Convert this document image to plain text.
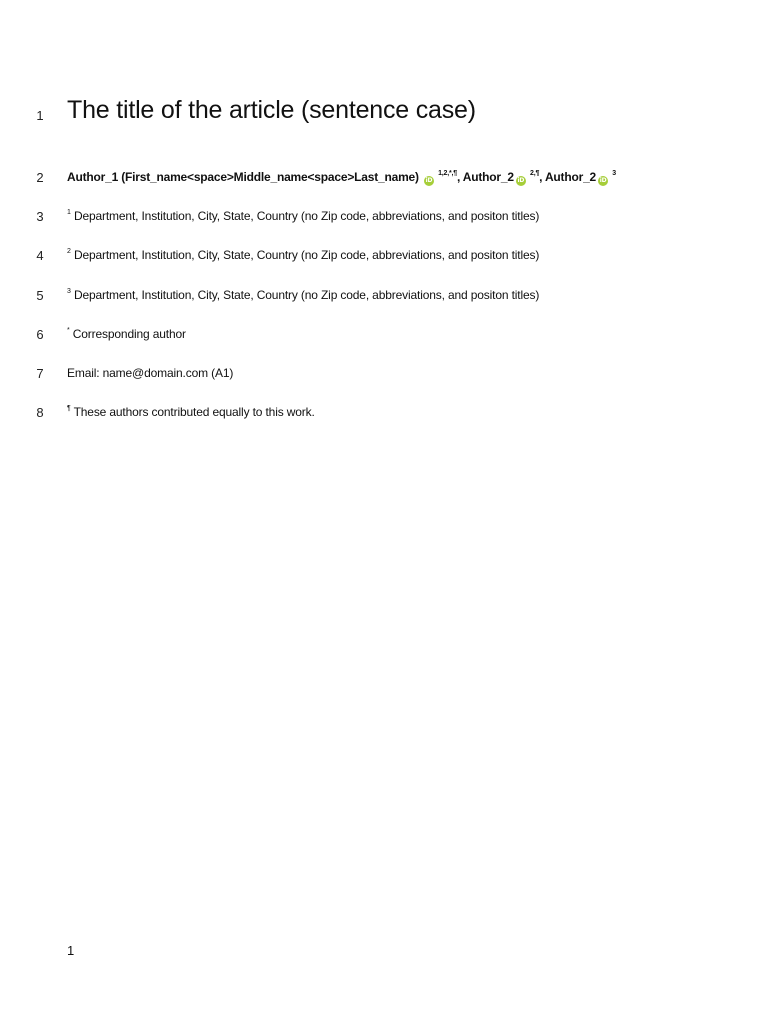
1 The title of the article (sentence case)
2	Author_1 (First_name<space>Middle_name<space>Last_name) iD $^{1,2,*,\P}$, Author_2 iD $^{2,\P}$, Author_2 iD $^3$
3	$^1$ Department, Institution, City, State, Country (no Zip code, abbreviations, and positon titles)
4	$^2$ Department, Institution, City, State, Country (no Zip code, abbreviations, and positon titles)
5	$^3$ Department, Institution, City, State, Country (no Zip code, abbreviations, and positon titles)
6	* Corresponding author
7	Email: name@domain.com (A1)
8	¶ These authors contributed equally to this work.
1
